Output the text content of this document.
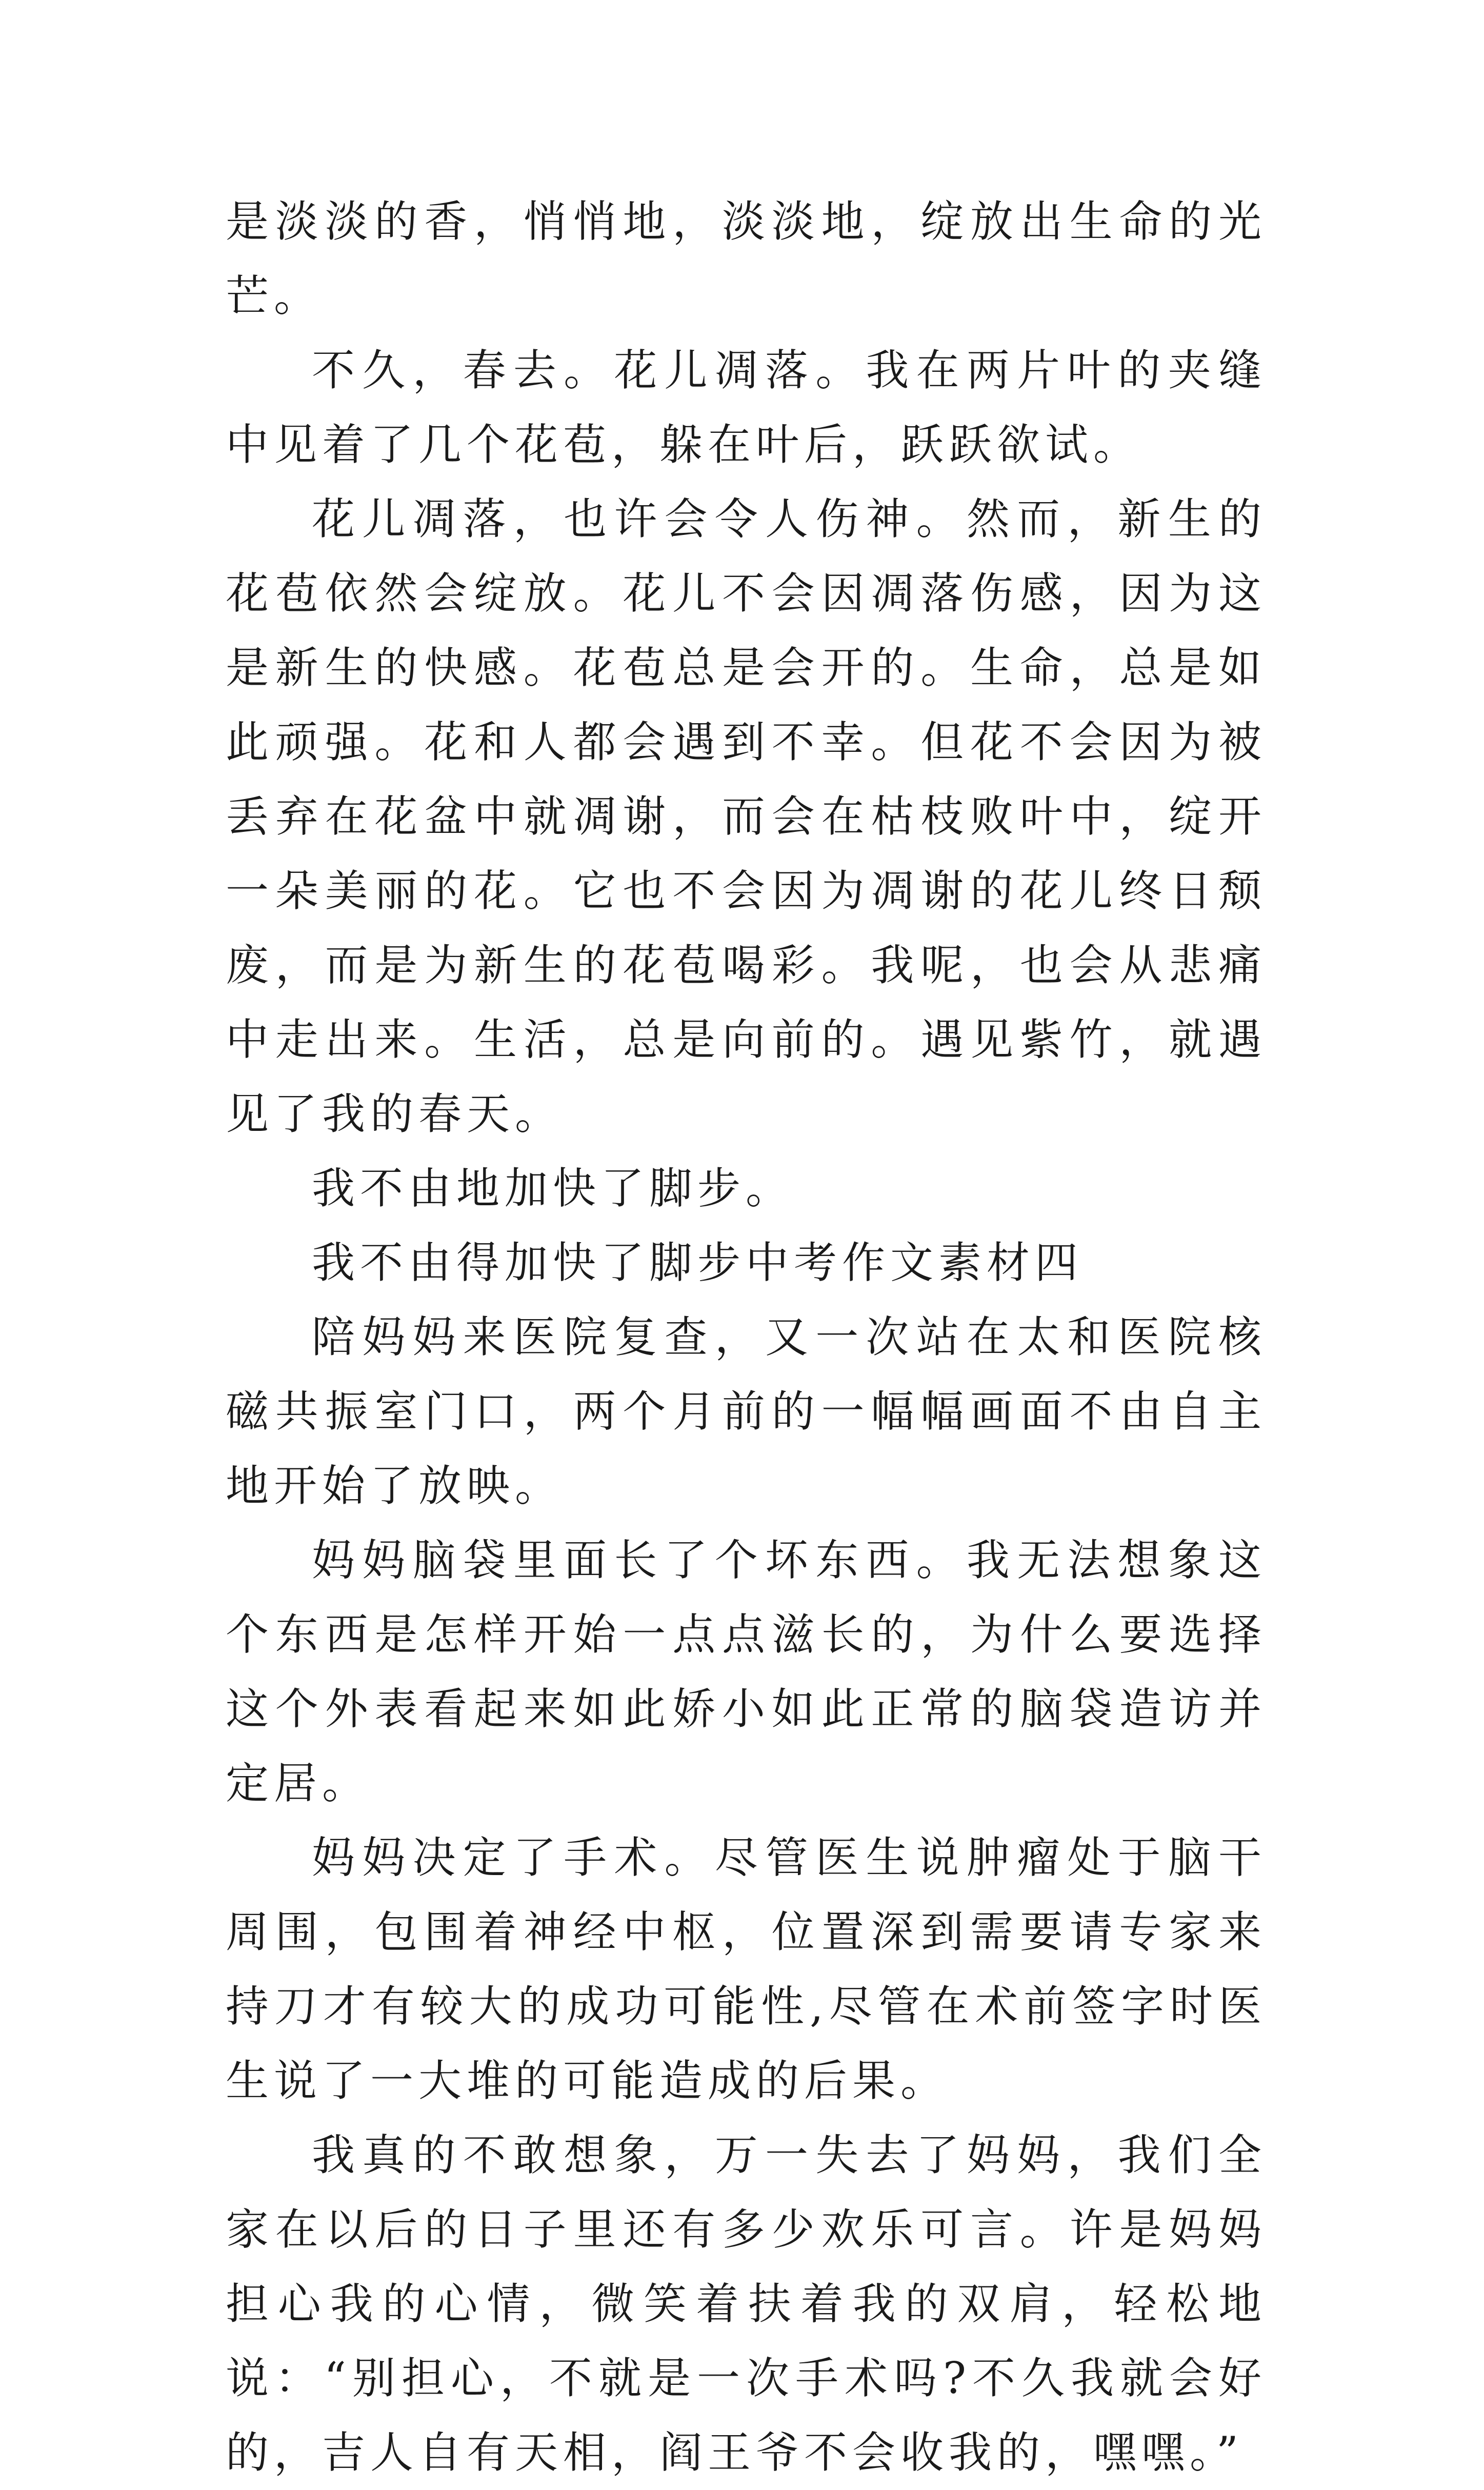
是淡淡的香，悄悄地，淡淡地，绽放出生命的光芒。

不久，春去。花儿凋落。我在两片叶的夹缝中见着了几个花苞，躲在叶后，跃跃欲试。

花儿凋落，也许会令人伤神。然而，新生的花苞依然会绽放。花儿不会因凋落伤感，因为这是新生的快感。花苞总是会开的。生命，总是如此顽强。花和人都会遇到不幸。但花不会因为被丢弃在花盆中就凋谢，而会在枯枝败叶中，绽开一朵美丽的花。它也不会因为凋谢的花儿终日颓废，而是为新生的花苞喝彩。我呢，也会从悲痛中走出来。生活，总是向前的。遇见紫竹，就遇见了我的春天。

我不由地加快了脚步。

我不由得加快了脚步中考作文素材四

陪妈妈来医院复查，又一次站在太和医院核磁共振室门口，两个月前的一幅幅画面不由自主地开始了放映。

妈妈脑袋里面长了个坏东西。我无法想象这个东西是怎样开始一点点滋长的，为什么要选择这个外表看起来如此娇小如此正常的脑袋造访并定居。

妈妈决定了手术。尽管医生说肿瘤处于脑干周围，包围着神经中枢，位置深到需要请专家来持刀才有较大的成功可能性,尽管在术前签字时医生说了一大堆的可能造成的后果。

我真的不敢想象，万一失去了妈妈，我们全家在以后的日子里还有多少欢乐可言。许是妈妈担心我的心情，微笑着扶着我的双肩，轻松地说：“别担心，不就是一次手术吗?不久我就会好的，吉人自有天相，阎王爷不会收我的，嘿嘿。”
